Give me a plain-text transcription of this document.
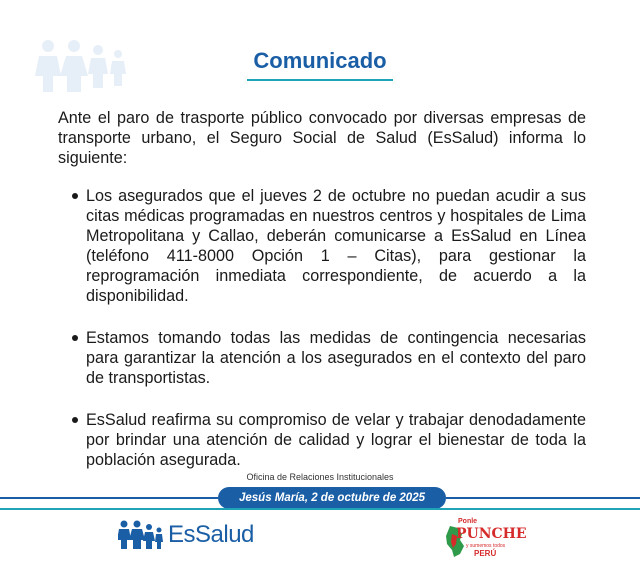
Comunicado

Ante el paro de trasporte público convocado por diversas empresas de transporte urbano, el Seguro Social de Salud (EsSalud) informa lo siguiente:

Los asegurados que el jueves 2 de octubre no puedan acudir a sus citas médicas programadas en nuestros centros y hospitales de Lima Metropolitana y Callao, deberán comunicarse a EsSalud en Línea (teléfono 411-8000 Opción 1 – Citas), para gestionar la reprogramación inmediata correspondiente, de acuerdo a la disponibilidad.
Estamos tomando todas las medidas de contingencia necesarias para garantizar la atención a los asegurados en el contexto del paro de transportistas.
EsSalud reafirma su compromiso de velar y trabajar denodadamente por brindar una atención de calidad y lograr el bienestar de toda la población asegurada.
Oficina de Relaciones Institucionales
Jesús María, 2 de octubre de 2025
EsSalud	Ponle
PUNCHE
y sumemos todos
PERÚ
